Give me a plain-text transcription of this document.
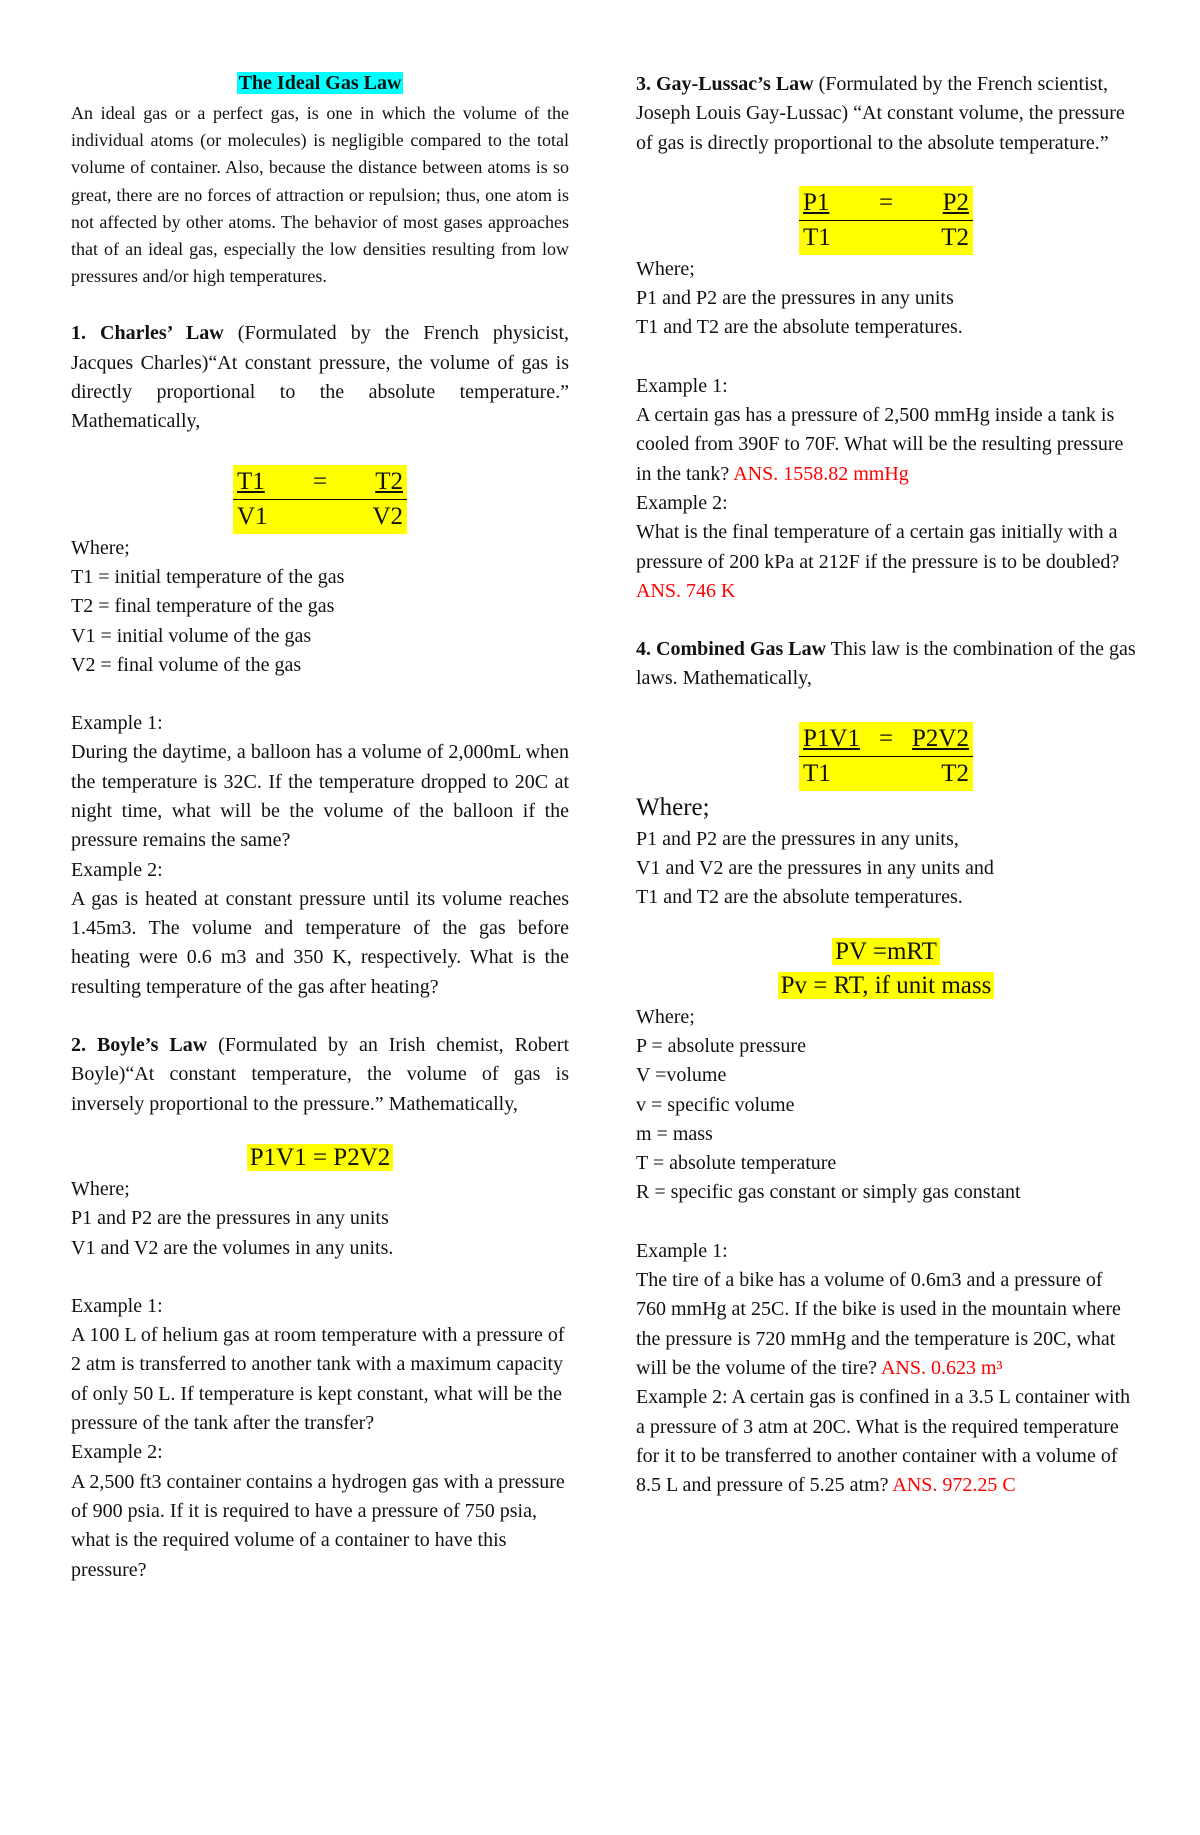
The Ideal Gas Law

An ideal gas or a perfect gas, is one in which the volume of the individual atoms (or molecules) is negligible compared to the total volume of container. Also, because the distance between atoms is so great, there are no forces of attraction or repulsion; thus, one atom is not affected by other atoms. The behavior of most gases approaches that of an ideal gas, especially the low densities resulting from low pressures and/or high temperatures.

1. Charles’ Law (Formulated by the French physicist, Jacques Charles)“At constant pressure, the volume of gas is directly proportional to the absolute temperature.” Mathematically,

T1 = T2
V1	V2

Where;

T1 = initial temperature of the gas

T2 = final temperature of the gas

V1 = initial volume of the gas

V2 = final volume of the gas

Example 1:

During the daytime, a balloon has a volume of 2,000mL when the temperature is 32C. If the temperature dropped to 20C at night time, what will be the volume of the balloon if the pressure remains the same?

Example 2:

A gas is heated at constant pressure until its volume reaches 1.45m3. The volume and temperature of the gas before heating were 0.6 m3 and 350 K, respectively. What is the resulting temperature of the gas after heating?

2. Boyle’s Law (Formulated by an Irish chemist, Robert Boyle)“At constant temperature, the volume of gas is inversely proportional to the pressure.” Mathematically,

P1V1 = P2V2

Where;

P1 and P2 are the pressures in any units

V1 and V2 are the volumes in any units.

Example 1:

A 100 L of helium gas at room temperature with a pressure of 2 atm is transferred to another tank with a maximum capacity of only 50 L. If temperature is kept constant, what will be the pressure of the tank after the transfer?

Example 2:

A 2,500 ft3 container contains a hydrogen gas with a pressure of 900 psia. If it is required to have a pressure of 750 psia, what is the required volume of a container to have this pressure?

3. Gay-Lussac’s Law (Formulated by the French scientist, Joseph Louis Gay-Lussac) “At constant volume, the pressure of gas is directly proportional to the absolute temperature.”

P1 = P2
T1	T2

Where;

P1 and P2 are the pressures in any units

T1 and T2 are the absolute temperatures.

Example 1:

A certain gas has a pressure of 2,500 mmHg inside a tank is cooled from 390F to 70F. What will be the resulting pressure in the tank? ANS. 1558.82 mmHg

Example 2:

What is the final temperature of a certain gas initially with a pressure of 200 kPa at 212F if the pressure is to be doubled? ANS. 746 K

4. Combined Gas Law This law is the combination of the gas laws. Mathematically,

P1V1 = P2V2
T1	T2

Where;

P1 and P2 are the pressures in any units,

V1 and V2 are the pressures in any units and

T1 and T2 are the absolute temperatures.

PV =mRT
Pv = RT, if unit mass

Where;

P = absolute pressure

V =volume

v = specific volume

m = mass

T = absolute temperature

R = specific gas constant or simply gas constant

Example 1:

The tire of a bike has a volume of 0.6m3 and a pressure of 760 mmHg at 25C. If the bike is used in the mountain where the pressure is 720 mmHg and the temperature is 20C, what will be the volume of the tire? ANS. 0.623 m³

Example 2: A certain gas is confined in a 3.5 L container with a pressure of 3 atm at 20C. What is the required temperature for it to be transferred to another container with a volume of 8.5 L and pressure of 5.25 atm? ANS. 972.25 C
